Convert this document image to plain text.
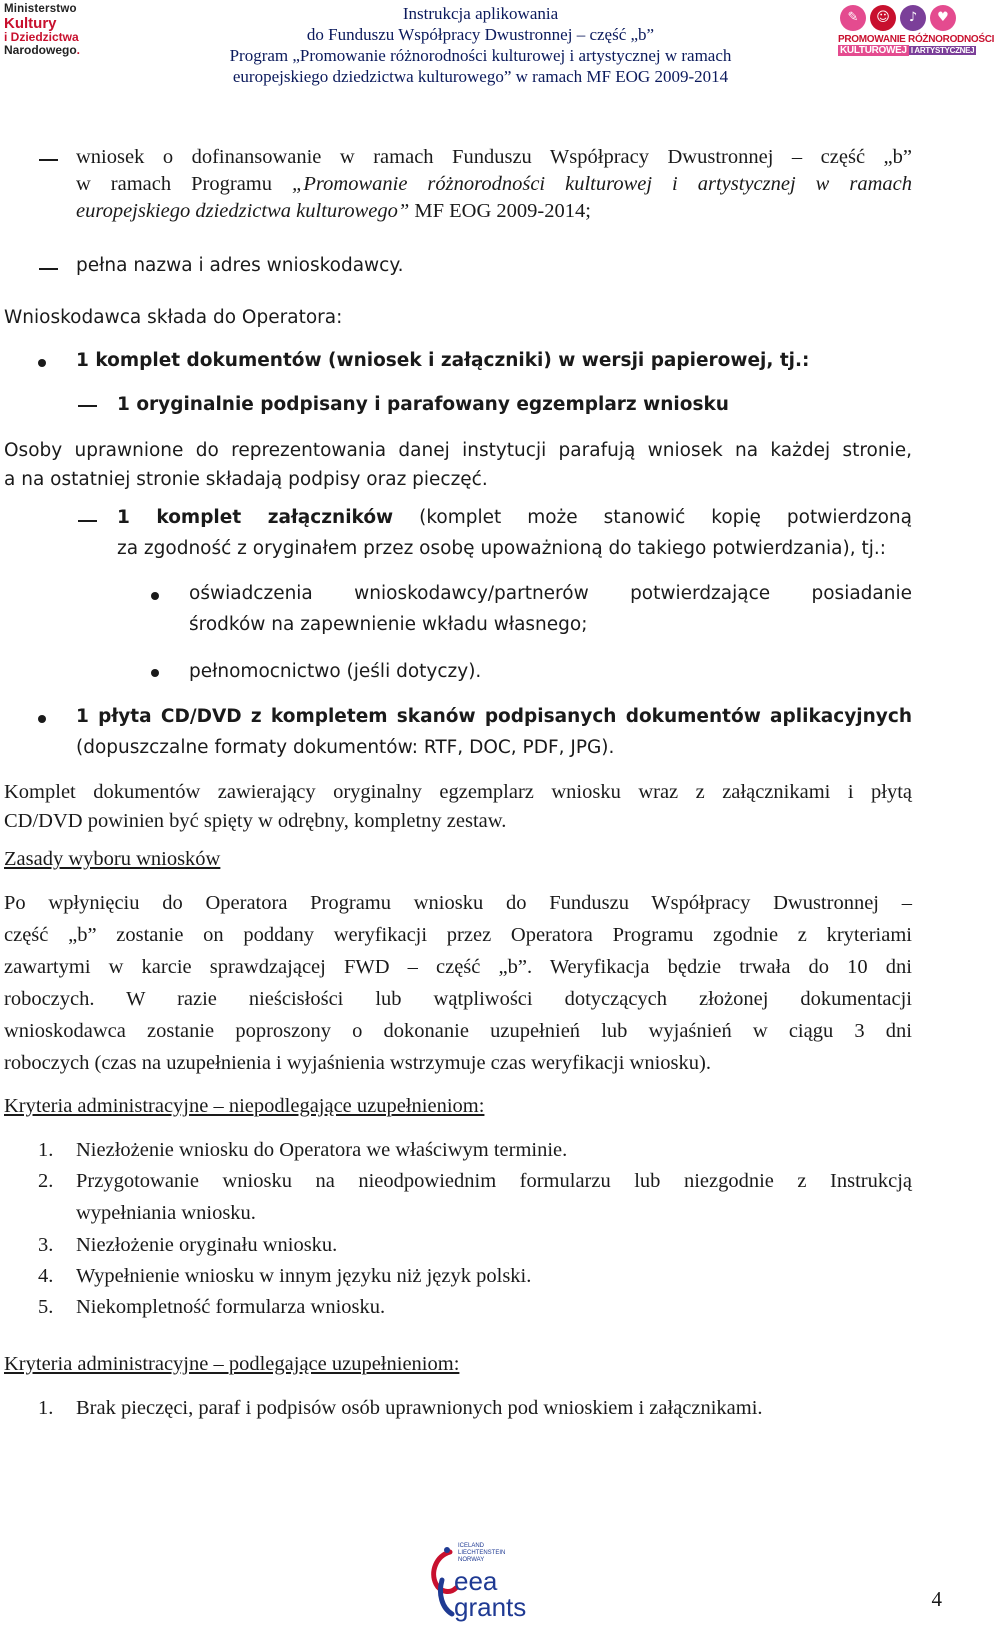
Ministerstwo
Kultury
i Dziedzictwa
Narodowego.
Instrukcja aplikowania
do Funduszu Współpracy Dwustronnej – część „b”
Program „Promowanie różnorodności kulturowej i artystycznej w ramach
europejskiego dziedzictwa kulturowego” w ramach MF EOG 2009-2014
✎	☺	♪	♥
PROMOWANIE RÓŻNORODNOŚCI
KULTUROWEJ I ARTYSTYCZNEJ
wniosek o dofinansowanie w ramach Funduszu Współpracy Dwustronnej – część „b”
w ramach Programu „Promowanie różnorodności kulturowej i artystycznej w ramach
europejskiego dziedzictwa kulturowego” MF EOG 2009-2014;
pełna nazwa i adres wnioskodawcy.
Wnioskodawca składa do Operatora:
1 komplet dokumentów (wniosek i załączniki) w wersji papierowej, tj.:
1 oryginalnie podpisany i parafowany egzemplarz wniosku
Osoby uprawnione do reprezentowania danej instytucji parafują wniosek na każdej stronie,
a na ostatniej stronie składają podpisy oraz pieczęć.
1 komplet załączników (komplet może stanowić kopię potwierdzoną
za zgodność z oryginałem przez osobę upoważnioną do takiego potwierdzania), tj.:
oświadczenia wnioskodawcy/partnerów potwierdzające posiadanie
środków na zapewnienie wkładu własnego;
pełnomocnictwo (jeśli dotyczy).
1 płyta CD/DVD z kompletem skanów podpisanych dokumentów aplikacyjnych
(dopuszczalne formaty dokumentów: RTF, DOC, PDF, JPG).
Komplet dokumentów zawierający oryginalny egzemplarz wniosku wraz z załącznikami i płytą
CD/DVD powinien być spięty w odrębny, kompletny zestaw.
Zasady wyboru wniosków
Po wpłynięciu do Operatora Programu wniosku do Funduszu Współpracy Dwustronnej –
część „b” zostanie on poddany weryfikacji przez Operatora Programu zgodnie z kryteriami
zawartymi w karcie sprawdzającej FWD – część „b”. Weryfikacja będzie trwała do 10 dni
roboczych. W razie nieścisłości lub wątpliwości dotyczących złożonej dokumentacji
wnioskodawca zostanie poproszony o dokonanie uzupełnień lub wyjaśnień w ciągu 3 dni
roboczych (czas na uzupełnienia i wyjaśnienia wstrzymuje czas weryfikacji wniosku).
Kryteria administracyjne – niepodlegające uzupełnieniom:
1. Niezłożenie wniosku do Operatora we właściwym terminie.
2. Przygotowanie wniosku na nieodpowiednim formularzu lub niezgodnie z Instrukcją
wypełniania wniosku.
3. Niezłożenie oryginału wniosku.
4. Wypełnienie wniosku w innym języku niż język polski.
5. Niekompletność formularza wniosku.
Kryteria administracyjne – podlegające uzupełnieniom:
1. Brak pieczęci, paraf i podpisów osób uprawnionych pod wnioskiem i załącznikami.
ICELAND
LIECHTENSTEIN
NORWAY
eea
grants	4
